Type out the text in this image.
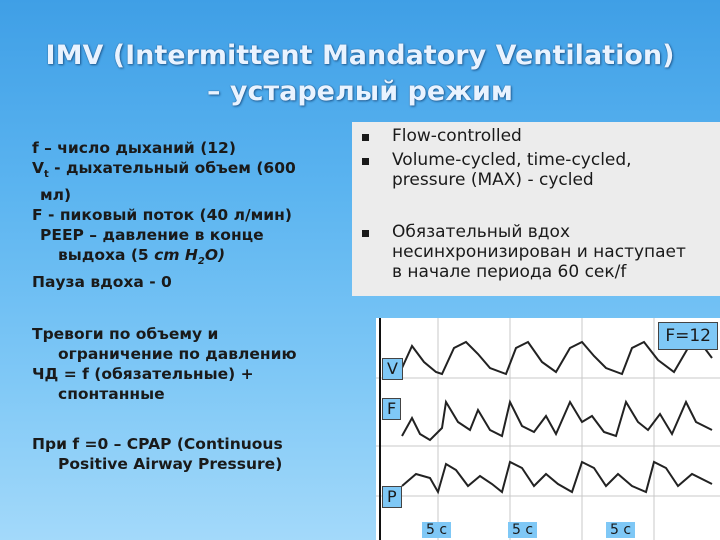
IMV (Intermittent Mandatory Ventilation)
– устарелый режим

f – число дыханий (12)

$V_t$ - дыхательный объем (600

мл)

F - пиковый поток (40 л/мин)

PEEP – давление в конце

выдоха (5 cm $H_2O$)

Пауза вдоха - 0

Flow-controlled
Volume-cycled, time-cycled,
pressure (MAX) - cycled
Обязательный вдох
несинхронизирован и наступает
в начале периода 60 сек/f

Тревоги по объему и

ограничение по давлению

ЧД = f (обязательные) +

спонтанные

При f =0 – CPAP (Continuous

Positive Airway Pressure)

F=12
V
F
P
5 с	5 с	5 с
